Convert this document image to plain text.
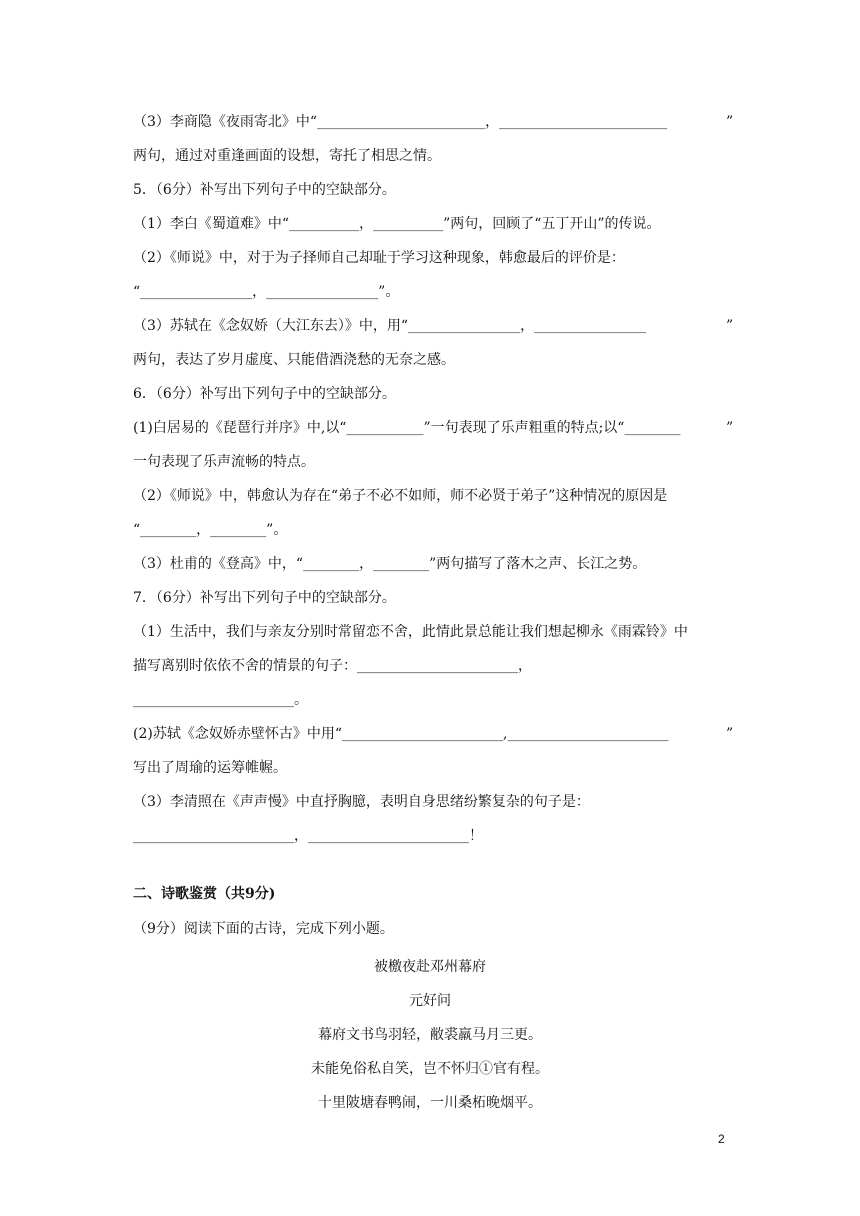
（3）李商隐《夜雨寄北》中“________________________，________________________	”
两句，通过对重逢画面的设想，寄托了相思之情。
5．（6分）补写出下列句子中的空缺部分。
（1）李白《蜀道难》中“__________，__________”两句，回顾了“五丁开山”的传说。
（2）《师说》中，对于为子择师自己却耻于学习这种现象，韩愈最后的评价是：
“________________，________________”。
（3）苏轼在《念奴娇（大江东去）》中，用“________________，________________	”
两句，表达了岁月虚度、只能借酒浇愁的无奈之感。
6．（6分）补写出下列句子中的空缺部分。
(1)白居易的《琵琶行并序》中,以“___________”一句表现了乐声粗重的特点;以“________	”
一句表现了乐声流畅的特点。
（2）《师说》中，韩愈认为存在“弟子不必不如师，师不必贤于弟子”这种情况的原因是
“________，________”。
（3）杜甫的《登高》中，“________，________”两句描写了落木之声、长江之势。
7．（6分）补写出下列句子中的空缺部分。
（1）生活中，我们与亲友分别时常留恋不舍，此情此景总能让我们想起柳永《雨霖铃》中
描写离别时依依不舍的情景的句子：_______________________，
_______________________。
(2)苏轼《念奴娇赤壁怀古》中用“_______________________,_______________________	”
写出了周瑜的运筹帷幄。
（3）李清照在《声声慢》中直抒胸臆，表明自身思绪纷繁复杂的句子是：
_______________________，_______________________！
二、诗歌鉴赏（共9分)
（9分）阅读下面的古诗，完成下列小题。
被檄夜赴邓州幕府
元好问
幕府文书鸟羽轻，敝裘羸马月三更。
未能免俗私自笑，岂不怀归①官有程。
十里陂塘春鸭闹，一川桑柘晚烟平。
2
